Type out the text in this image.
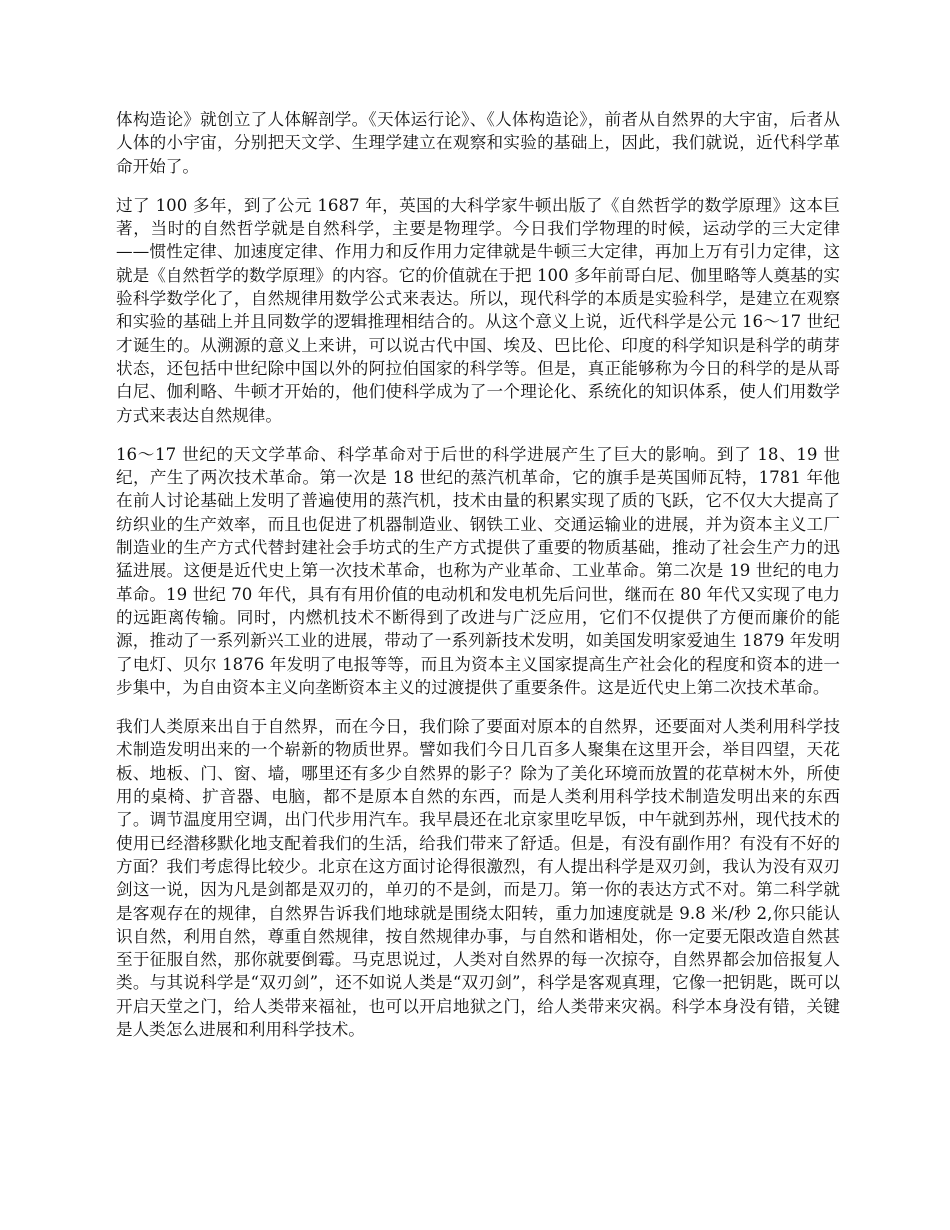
体构造论》就创立了人体解剖学。《天体运行论》、《人体构造论》，前者从自然界的大宇宙，后者从人体的小宇宙，分别把天文学、生理学建立在观察和实验的基础上，因此，我们就说，近代科学革命开始了。

过了 100 多年，到了公元 1687 年，英国的大科学家牛顿出版了《自然哲学的数学原理》这本巨著，当时的自然哲学就是自然科学，主要是物理学。今日我们学物理的时候，运动学的三大定律——惯性定律、加速度定律、作用力和反作用力定律就是牛顿三大定律，再加上万有引力定律，这就是《自然哲学的数学原理》的内容。它的价值就在于把 100 多年前哥白尼、伽里略等人奠基的实验科学数学化了，自然规律用数学公式来表达。所以，现代科学的本质是实验科学，是建立在观察和实验的基础上并且同数学的逻辑推理相结合的。从这个意义上说，近代科学是公元 16～17 世纪才诞生的。从溯源的意义上来讲，可以说古代中国、埃及、巴比伦、印度的科学知识是科学的萌芽状态，还包括中世纪除中国以外的阿拉伯国家的科学等。但是，真正能够称为今日的科学的是从哥白尼、伽利略、牛顿才开始的，他们使科学成为了一个理论化、系统化的知识体系，使人们用数学方式来表达自然规律。

16～17 世纪的天文学革命、科学革命对于后世的科学进展产生了巨大的影响。到了 18、19 世纪，产生了两次技术革命。第一次是 18 世纪的蒸汽机革命，它的旗手是英国师瓦特，1781 年他在前人讨论基础上发明了普遍使用的蒸汽机，技术由量的积累实现了质的飞跃，它不仅大大提高了纺织业的生产效率，而且也促进了机器制造业、钢铁工业、交通运输业的进展，并为资本主义工厂制造业的生产方式代替封建社会手坊式的生产方式提供了重要的物质基础，推动了社会生产力的迅猛进展。这便是近代史上第一次技术革命，也称为产业革命、工业革命。第二次是 19 世纪的电力革命。19 世纪 70 年代，具有有用价值的电动机和发电机先后问世，继而在 80 年代又实现了电力的远距离传输。同时，内燃机技术不断得到了改进与广泛应用，它们不仅提供了方便而廉价的能源，推动了一系列新兴工业的进展，带动了一系列新技术发明，如美国发明家爱迪生 1879 年发明了电灯、贝尔 1876 年发明了电报等等，而且为资本主义国家提高生产社会化的程度和资本的进一步集中，为自由资本主义向垄断资本主义的过渡提供了重要条件。这是近代史上第二次技术革命。

我们人类原来出自于自然界，而在今日，我们除了要面对原本的自然界，还要面对人类利用科学技术制造发明出来的一个崭新的物质世界。譬如我们今日几百多人聚集在这里开会，举目四望，天花板、地板、门、窗、墙，哪里还有多少自然界的影子？除为了美化环境而放置的花草树木外，所使用的桌椅、扩音器、电脑，都不是原本自然的东西，而是人类利用科学技术制造发明出来的东西了。调节温度用空调，出门代步用汽车。我早晨还在北京家里吃早饭，中午就到苏州，现代技术的使用已经潜移默化地支配着我们的生活，给我们带来了舒适。但是，有没有副作用？有没有不好的方面？我们考虑得比较少。北京在这方面讨论得很激烈，有人提出科学是双刃剑，我认为没有双刃剑这一说，因为凡是剑都是双刃的，单刃的不是剑，而是刀。第一你的表达方式不对。第二科学就是客观存在的规律，自然界告诉我们地球就是围绕太阳转，重力加速度就是 9.8 米/秒 2,你只能认识自然，利用自然，尊重自然规律，按自然规律办事，与自然和谐相处，你一定要无限改造自然甚至于征服自然，那你就要倒霉。马克思说过，人类对自然界的每一次掠夺，自然界都会加倍报复人类。与其说科学是“双刃剑”，还不如说人类是“双刃剑”，科学是客观真理，它像一把钥匙，既可以开启天堂之门，给人类带来福祉，也可以开启地狱之门，给人类带来灾祸。科学本身没有错，关键是人类怎么进展和利用科学技术。
